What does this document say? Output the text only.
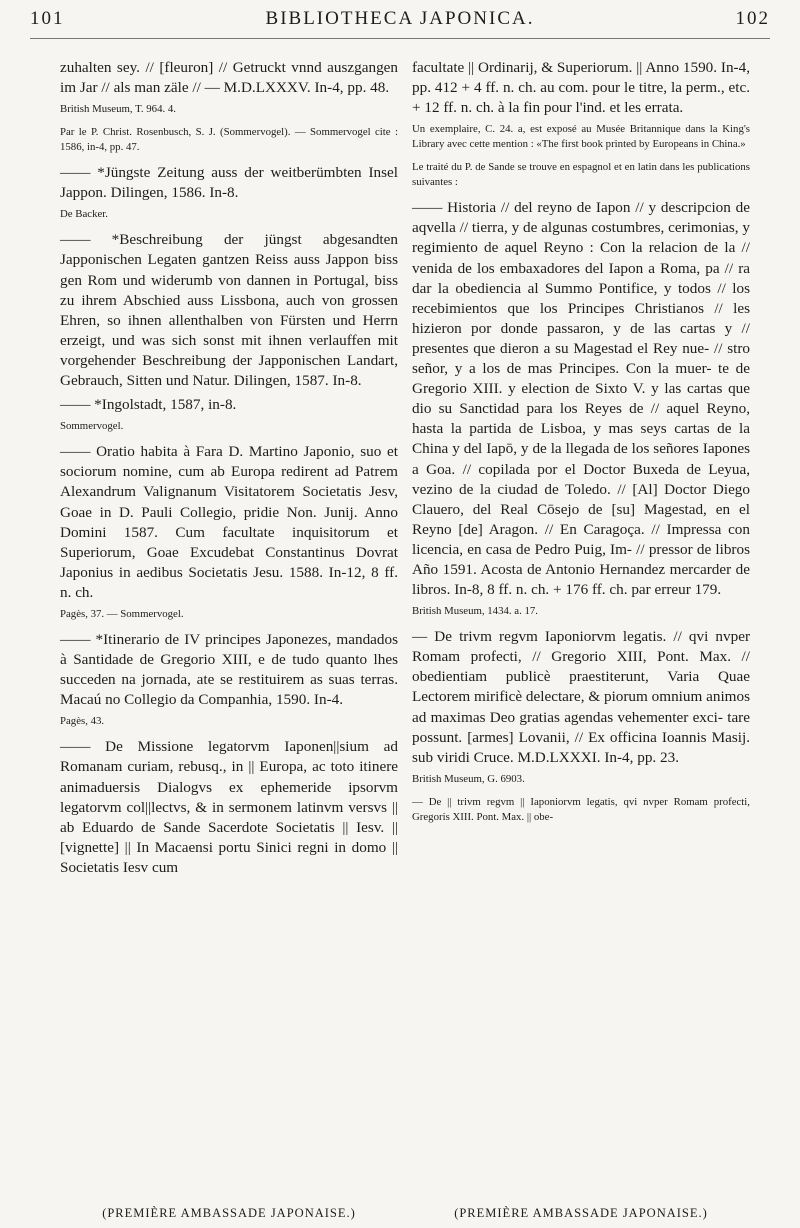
101	BIBLIOTHECA JAPONICA.	102

zuhalten sey. // [fleuron] // Getruckt vnnd auszgangen im Jar // als man zäle // — M.D.LXXXV. In-4, pp. 48.

British Museum, T. 964. 4.

Par le P. Christ. Rosenbusch, S. J. (Sommervogel). — Sommervogel cite : 1586, in-4, pp. 47.

—— *Jüngste Zeitung auss der weitberümbten Insel Jappon. Dilingen, 1586. In-8.

De Backer.

—— *Beschreibung der jüngst abgesandten Japponischen Legaten gantzen Reiss auss Jappon biss gen Rom und widerumb von dannen in Portugal, biss zu ihrem Abschied auss Lissbona, auch von grossen Ehren, so ihnen allenthalben von Fürsten und Herrn erzeigt, und was sich sonst mit ihnen verlauffen mit vorgehender Beschreibung der Japponischen Landart, Gebrauch, Sitten und Natur. Dilingen, 1587. In-8.

—— *Ingolstadt, 1587, in-8.

Sommervogel.

—— Oratio habita à Fara D. Martino Japonio, suo et sociorum nomine, cum ab Europa redirent ad Patrem Alexandrum Valignanum Visitatorem Societatis Jesv, Goae in D. Pauli Collegio, pridie Non. Junij. Anno Domini 1587. Cum facultate inquisitorum et Superiorum, Goae Excudebat Constantinus Dovrat Japonius in aedibus Societatis Jesu. 1588. In-12, 8 ff. n. ch.

Pagès, 37. — Sommervogel.

—— *Itinerario de IV principes Japonezes, mandados à Santidade de Gregorio XIII, e de tudo quanto lhes succeden na jornada, ate se restituirem as suas terras. Macaú no Collegio da Companhia, 1590. In-4.

Pagès, 43.

—— De Missione legatorvm Iaponen||sium ad Romanam curiam, rebusq., in || Europa, ac toto itinere animaduersis Dialogvs ex ephemeride ipsorvm legatorvm col||lectvs, & in sermonem latinvm versvs || ab Eduardo de Sande Sacerdote Societatis || Iesv. || [vignette] || In Macaensi portu Sinici regni in domo || Societatis Iesv cum

facultate || Ordinarij, & Superiorum. || Anno 1590. In-4, pp. 412 + 4 ff. n. ch. au com. pour le titre, la perm., etc. + 12 ff. n. ch. à la fin pour l'ind. et les errata.

Un exemplaire, C. 24. a, est exposé au Musée Britannique dans la King's Library avec cette mention : «The first book printed by Europeans in China.»

Le traité du P. de Sande se trouve en espagnol et en latin dans les publications suivantes :

—— Historia // del reyno de Iapon // y descripcion de aqvella // tierra, y de algunas costumbres, cerimonias, y regimiento de aquel Reyno : Con la relacion de la // venida de los embaxadores del Iapon a Roma, pa // ra dar la obediencia al Summo Pontifice, y todos // los recebimientos que los Principes Christianos // les hizieron por donde passaron, y de las cartas y // presentes que dieron a su Magestad el Rey nue- // stro señor, y a los de mas Principes. Con la muer- te de Gregorio XIII. y election de Sixto V. y las cartas que dio su Sanctidad para los Reyes de // aquel Reyno, hasta la partida de Lisboa, y mas seys cartas de la China y del Iapō, y de la llegada de los señores Iapones a Goa. // copilada por el Doctor Buxeda de Leyua, vezino de la ciudad de Toledo. // [Al] Doctor Diego Clauero, del Real Cōsejo de [su] Magestad, en el Reyno [de] Aragon. // En Caragoça. // Impressa con licencia, en casa de Pedro Puig, Im- // pressor de libros Año 1591. Acosta de Antonio Hernandez mercarder de libros. In-8, 8 ff. n. ch. + 176 ff. ch. par erreur 179.

British Museum, 1434. a. 17.

— De trivm regvm Iaponiorvm legatis. // qvi nvper Romam profecti, // Gregorio XIII, Pont. Max. // obedientiam publicè praestiterunt, Varia Quae Lectorem mirificè delectare, & piorum omnium animos ad maximas Deo gratias agendas vehementer exci- tare possunt. [armes] Lovanii, // Ex officina Ioannis Masij. sub viridi Cruce. M.D.LXXXI. In-4, pp. 23.

British Museum, G. 6903.

— De || trivm regvm || Iaponiorvm legatis, qvi nvper Romam profecti, Gregoris XIII. Pont. Max. || obe-

(PREMIÈRE AMBASSADE JAPONAISE.)	(PREMIÈRE AMBASSADE JAPONAISE.)
